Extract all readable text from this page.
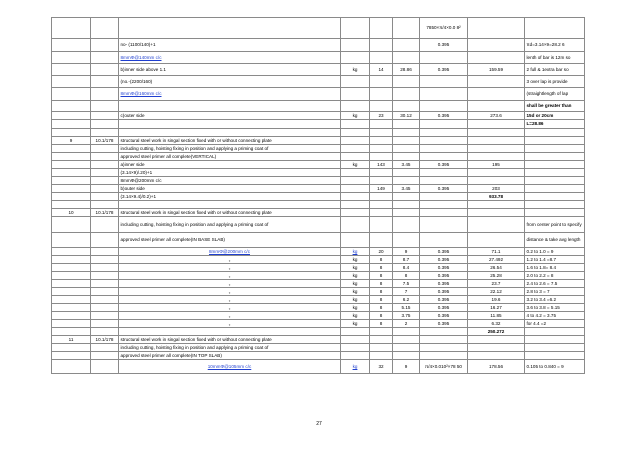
						7850×π/4×0.0 8²		
		no- (1100/140)+1				0.395		πd=3.14×9=28.2 6
		8mmΦ@140mm c/c						lenth of bar is 12m so
		b)inner side above 1.1	kg	14	28.86	0.395	159.59	2 full & 1extra bar so
		(no.-(2200/160)						3 over lap is provide
		8mmΦ@160mm c/c						(straightlength of lap
								shall be greater than
		c)outer side	kg	23	30.12	0.395	273.6	15d or 20cm
								L=28.86

9	10.1/178	structural steel work in singal section fixed with or without connecting plate						
		including cutting, hoisting fixing in position and applying a priming coat of						
		approved steel primer all complete(VERTICAL)						
		a)inner side	kg	143	3.45	0.395	195	
		(3.14×9)/.20)+1						
		8mmΦ@200mm c/c						
		b)outer side		149	3.45	0.395	203	
		(3.14×9.4)/0.2)+1					933.78	

10	10.1/178	structural steel work in singal section fixed with or without connecting plate						
		including cutting, hoisting fixing in position and applying a priming coat of						from center point to specify
		approved steel primer all complete(IN BASE SLAB)						distance & take avg length
		8mmΦ@200mm c/c	kg	20	9	0.395	71.1	0.2 to 1.0 = 9
		„	kg	8	8.7	0.395	27.492	1.2 to 1.4 =8.7
		„	kg	8	8.4	0.395	26.54	1.6 to 1.8= 8.4
		„	kg	8	8	0.395	25.28	2.0 to 2.2 = 8
		„	kg	8	7.5	0.395	23.7	2.4 to 2.6 = 7.5
		„	kg	8	7	0.395	22.12	2.8 to 3 = 7
		„	kg	8	6.2	0.395	19.6	3.2 to 3.4 =6.2
		„	kg	8	5.15	0.395	16.27	3.6 to 3.8 = 5.15
		„	kg	8	3.75	0.395	11.85	4 to 4.2 = 3.75
		„	kg	8	2	0.395	6.32	for 4.4 =2
							250.272	
11	10.1/178	structural steel work in singal section fixed with or without connecting plate						
		including cutting, hoisting fixing in position and applying a priming coat of						
		approved steel primer all complete(IN TOP SLAB)						
		10mmΦ@105mm c/c	kg	32	9	π/4×0.010²×78 50	178.56	0.105 to 0.840 = 9
27
